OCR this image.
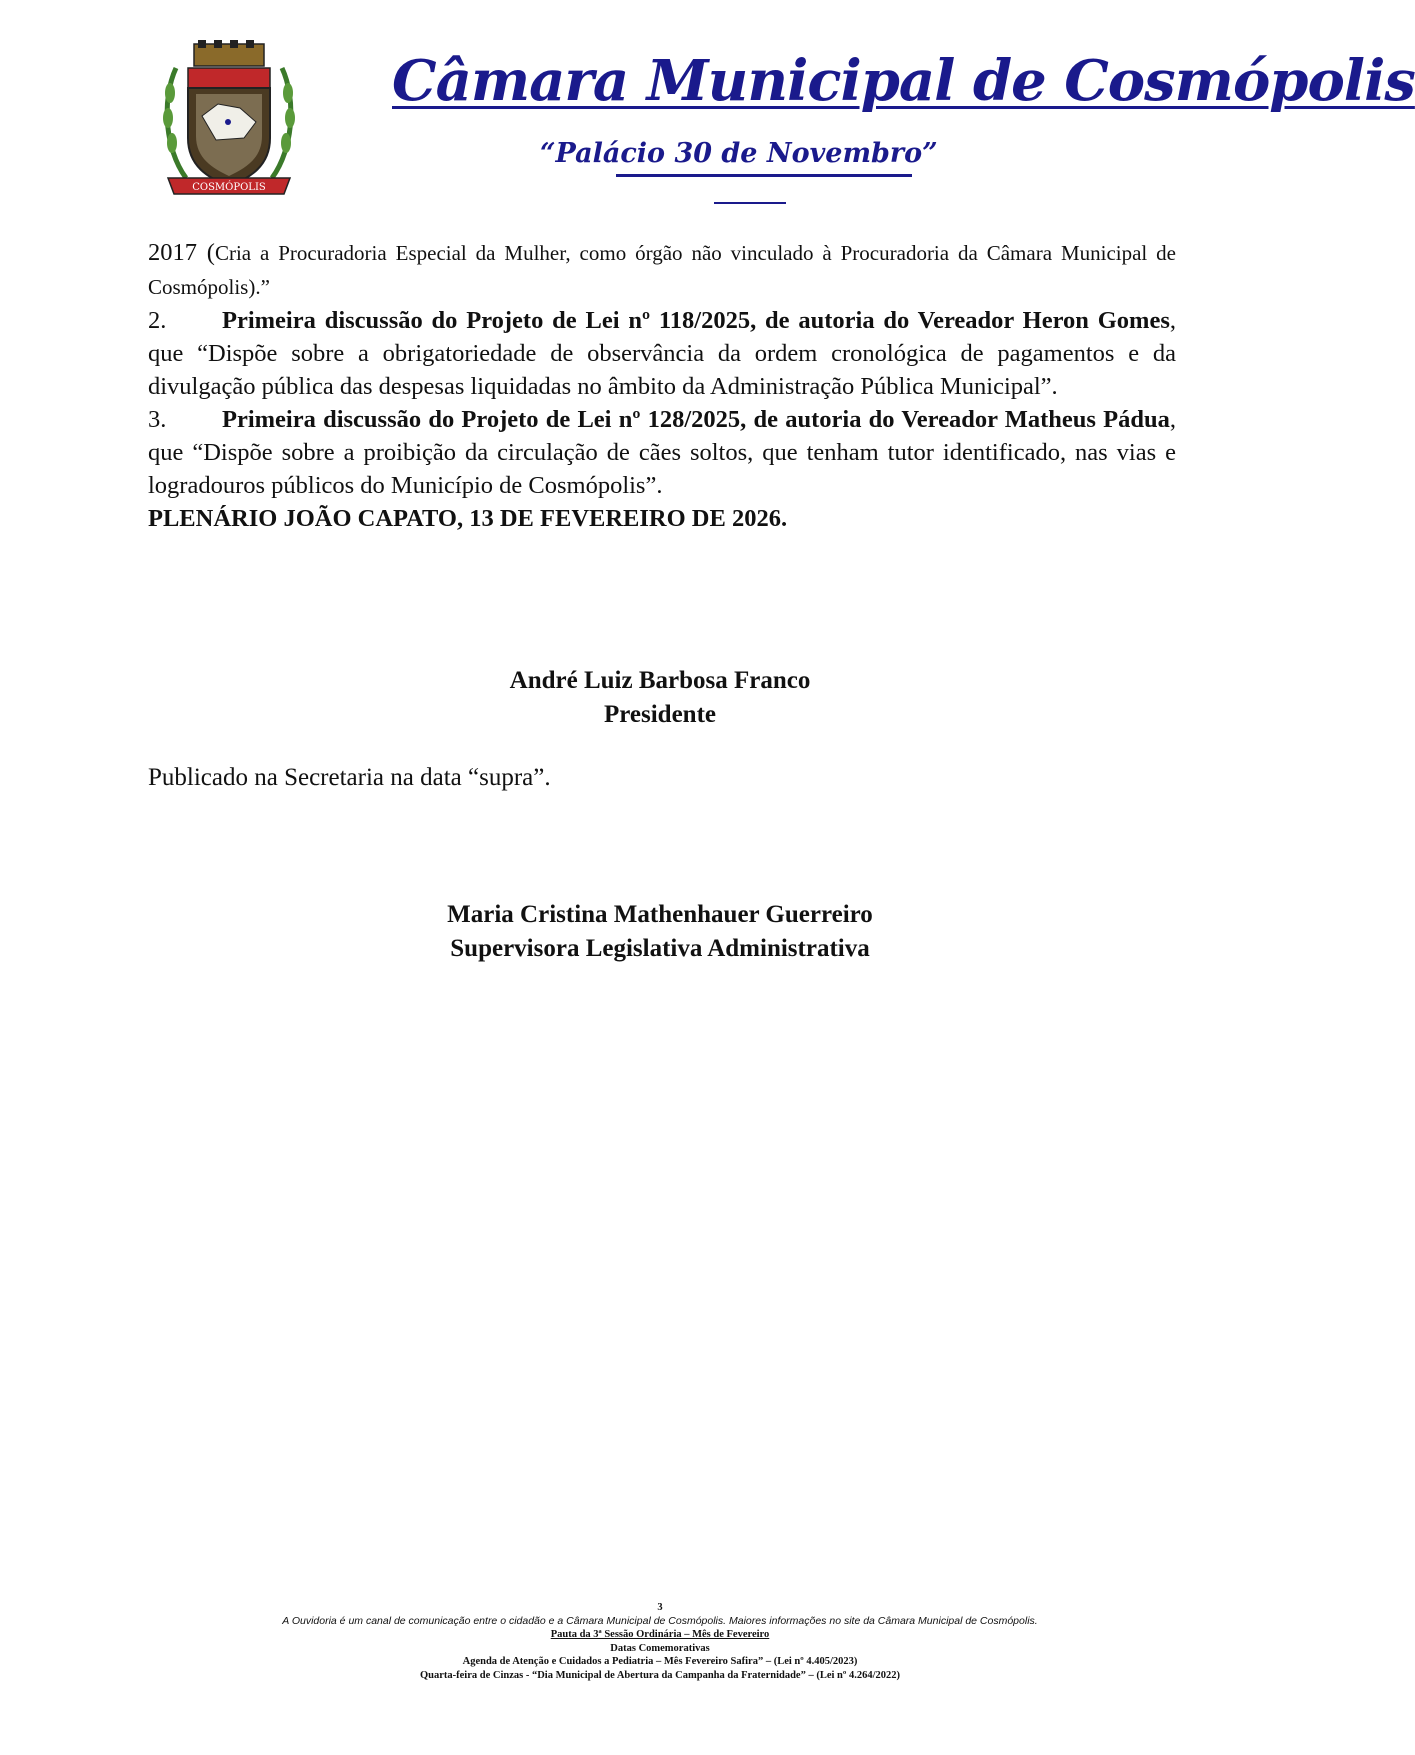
COSMÓPOLIS
Câmara Municipal de Cosmópolis
“Palácio 30 de Novembro”

2017 (Cria a Procuradoria Especial da Mulher, como órgão não vinculado à Procuradoria da Câmara Municipal de Cosmópolis).”

2. Primeira discussão do Projeto de Lei nº 118/2025, de autoria do Vereador Heron Gomes, que “Dispõe sobre a obrigatoriedade de observância da ordem cronológica de pagamentos e da divulgação pública das despesas liquidadas no âmbito da Administração Pública Municipal”.

3. Primeira discussão do Projeto de Lei nº 128/2025, de autoria do Vereador Matheus Pádua, que “Dispõe sobre a proibição da circulação de cães soltos, que tenham tutor identificado, nas vias e logradouros públicos do Município de Cosmópolis”.

PLENÁRIO JOÃO CAPATO, 13 DE FEVEREIRO DE 2026.

André Luiz Barbosa Franco
Presidente
Publicado na Secretaria na data “supra”.
Maria Cristina Mathenhauer Guerreiro
Supervisora Legislativa Administrativa
3
A Ouvidoria é um canal de comunicação entre o cidadão e a Câmara Municipal de Cosmópolis. Maiores informações no site da Câmara Municipal de Cosmópolis.
Pauta da 3ª Sessão Ordinária – Mês de Fevereiro
Datas Comemorativas
Agenda de Atenção e Cuidados a Pediatria – Mês Fevereiro Safira” – (Lei nº 4.405/2023)
Quarta-feira de Cinzas - “Dia Municipal de Abertura da Campanha da Fraternidade” – (Lei nº 4.264/2022)
